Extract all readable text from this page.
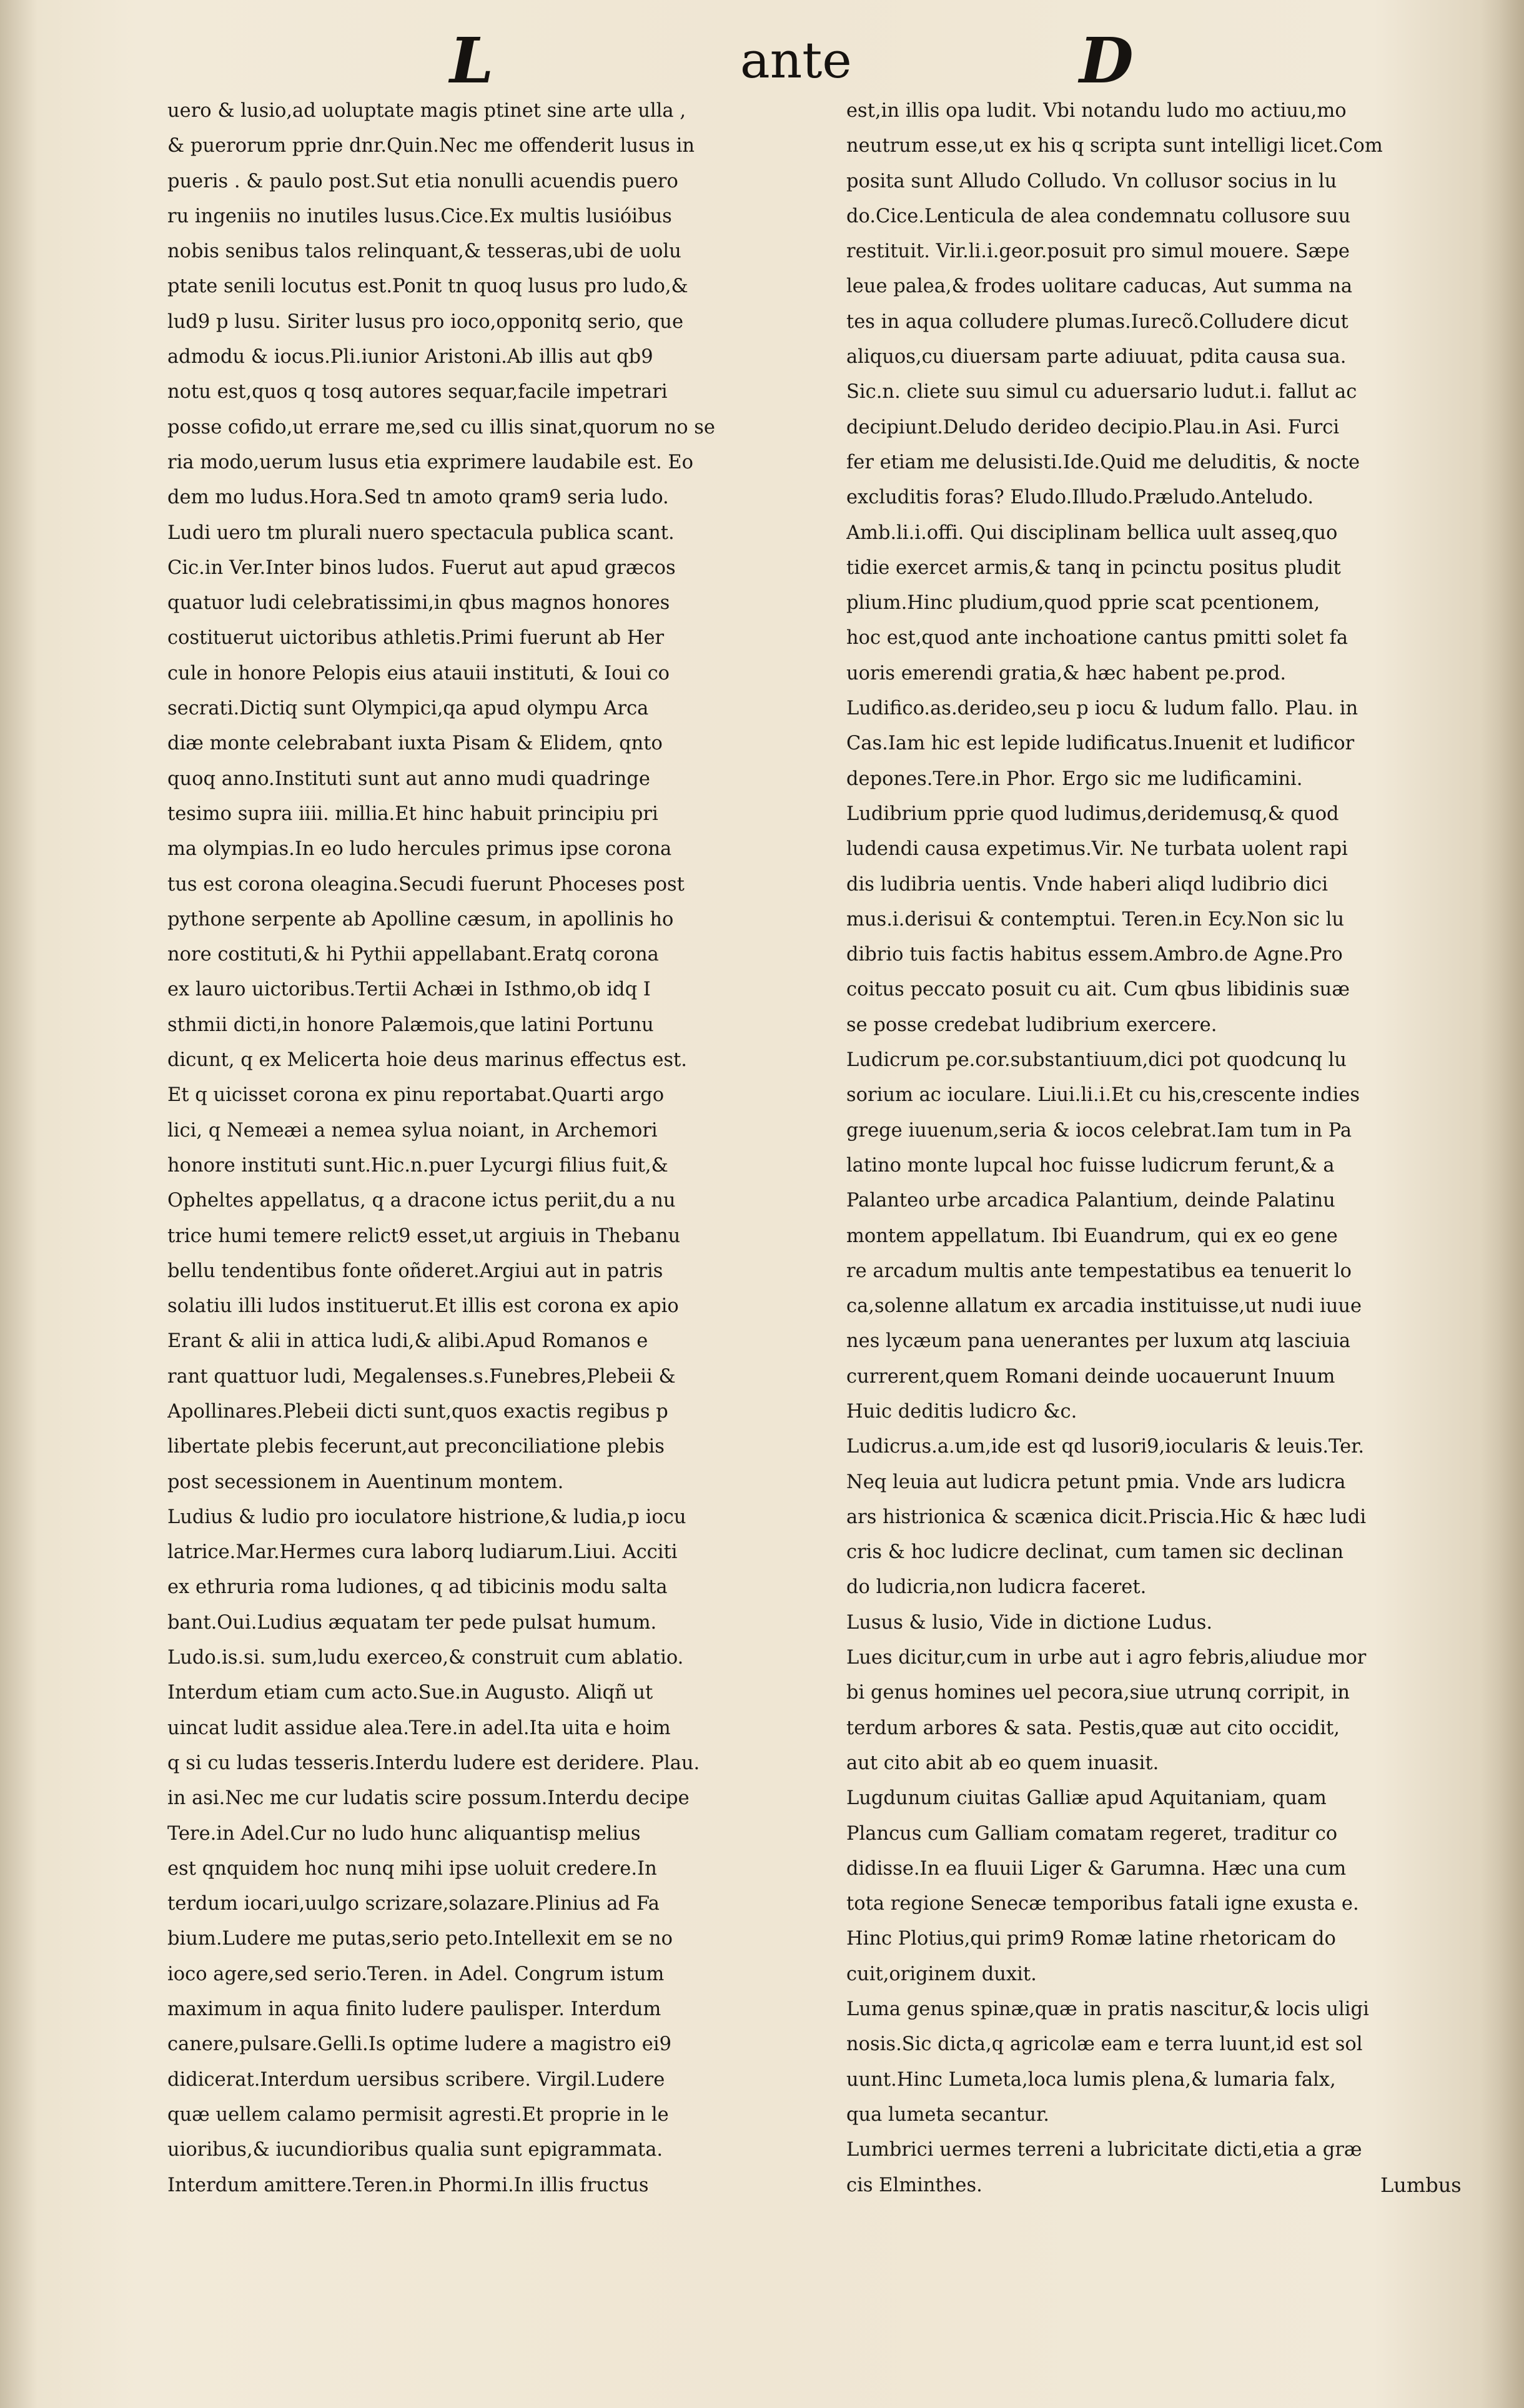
L	ante	D
uero & lusio,ad uoluptate magis ptinet sine arte ulla ,
& puerorum pprie dnr.Quin.Nec me offenderit lusus in
pueris . & paulo post.Sut etia nonulli acuendis puero
ru ingeniis no inutiles lusus.Cice.Ex multis lusióibus
nobis senibus talos relinquant,& tesseras,ubi de uolu
ptate senili locutus est.Ponit tn quoq lusus pro ludo,&
lud9 p lusu. Siriter lusus pro ioco,opponitq serio, que
admodu & iocus.Pli.iunior Aristoni.Ab illis aut qb9
notu est,quos q tosq autores sequar,facile impetrari
posse cofido,ut errare me,sed cu illis sinat,quorum no se
ria modo,uerum lusus etia exprimere laudabile est. Eo
dem mo ludus.Hora.Sed tn amoto qram9 seria ludo.
Ludi uero tm plurali nuero spectacula publica scant.
Cic.in Ver.Inter binos ludos. Fuerut aut apud græcos
quatuor ludi celebratissimi,in qbus magnos honores
costituerut uictoribus athletis.Primi fuerunt ab Her
cule in honore Pelopis eius atauii instituti, & Ioui co
secrati.Dictiq sunt Olympici,qa apud olympu Arca
diæ monte celebrabant iuxta Pisam & Elidem, qnto
quoq anno.Instituti sunt aut anno mudi quadringe
tesimo supra iiii. millia.Et hinc habuit principiu pri
ma olympias.In eo ludo hercules primus ipse corona
tus est corona oleagina.Secudi fuerunt Phoceses post
pythone serpente ab Apolline cæsum, in apollinis ho
nore costituti,& hi Pythii appellabant.Eratq corona
ex lauro uictoribus.Tertii Achæi in Isthmo,ob idq I
sthmii dicti,in honore Palæmois,que latini Portunu
dicunt, q ex Melicerta hoie deus marinus effectus est.
Et q uicisset corona ex pinu reportabat.Quarti argo
lici, q Nemeæi a nemea sylua noiant, in Archemori
honore instituti sunt.Hic.n.puer Lycurgi filius fuit,&
Opheltes appellatus, q a dracone ictus periit,du a nu
trice humi temere relict9 esset,ut argiuis in Thebanu
bellu tendentibus fonte oñderet.Argiui aut in patris
solatiu illi ludos instituerut.Et illis est corona ex apio
Erant & alii in attica ludi,& alibi.Apud Romanos e
rant quattuor ludi, Megalenses.s.Funebres,Plebeii &
Apollinares.Plebeii dicti sunt,quos exactis regibus p
libertate plebis fecerunt,aut preconciliatione plebis
post secessionem in Auentinum montem.
Ludius & ludio pro ioculatore histrione,& ludia,p iocu
latrice.Mar.Hermes cura laborq ludiarum.Liui. Acciti
ex ethruria roma ludiones, q ad tibicinis modu salta
bant.Oui.Ludius æquatam ter pede pulsat humum.
Ludo.is.si. sum,ludu exerceo,& construit cum ablatio.
Interdum etiam cum acto.Sue.in Augusto. Aliqñ ut
uincat ludit assidue alea.Tere.in adel.Ita uita e hoim
q si cu ludas tesseris.Interdu ludere est deridere. Plau.
in asi.Nec me cur ludatis scire possum.Interdu decipe
Tere.in Adel.Cur no ludo hunc aliquantisp melius
est qnquidem hoc nunq mihi ipse uoluit credere.In
terdum iocari,uulgo scrizare,solazare.Plinius ad Fa
bium.Ludere me putas,serio peto.Intellexit em se no
ioco agere,sed serio.Teren. in Adel. Congrum istum
maximum in aqua finito ludere paulisper. Interdum
canere,pulsare.Gelli.Is optime ludere a magistro ei9
didicerat.Interdum uersibus scribere. Virgil.Ludere
quæ uellem calamo permisit agresti.Et proprie in le
uioribus,& iucundioribus qualia sunt epigrammata.
Interdum amittere.Teren.in Phormi.In illis fructus
est,in illis opa ludit. Vbi notandu ludo mo actiuu,mo
neutrum esse,ut ex his q scripta sunt intelligi licet.Com
posita sunt Alludo Colludo. Vn collusor socius in lu
do.Cice.Lenticula de alea condemnatu collusore suu
restituit. Vir.li.i.geor.posuit pro simul mouere. Sæpe
leue palea,& frodes uolitare caducas, Aut summa na
tes in aqua colludere plumas.Iurecõ.Colludere dicut
aliquos,cu diuersam parte adiuuat, pdita causa sua.
Sic.n. cliete suu simul cu aduersario ludut.i. fallut ac
decipiunt.Deludo derideo decipio.Plau.in Asi. Furci
fer etiam me delusisti.Ide.Quid me deluditis, & nocte
excluditis foras? Eludo.Illudo.Præludo.Anteludo.
Amb.li.i.offi. Qui disciplinam bellica uult asseq,quo
tidie exercet armis,& tanq in pcinctu positus pludit
plium.Hinc pludium,quod pprie scat pcentionem,
hoc est,quod ante inchoatione cantus pmitti solet fa
uoris emerendi gratia,& hæc habent pe.prod.
Ludifico.as.derideo,seu p iocu & ludum fallo. Plau. in
Cas.Iam hic est lepide ludificatus.Inuenit et ludificor
depones.Tere.in Phor. Ergo sic me ludificamini.
Ludibrium pprie quod ludimus,deridemusq,& quod
ludendi causa expetimus.Vir. Ne turbata uolent rapi
dis ludibria uentis. Vnde haberi aliqd ludibrio dici
mus.i.derisui & contemptui. Teren.in Ecy.Non sic lu
dibrio tuis factis habitus essem.Ambro.de Agne.Pro
coitus peccato posuit cu ait. Cum qbus libidinis suæ
se posse credebat ludibrium exercere.
Ludicrum pe.cor.substantiuum,dici pot quodcunq lu
sorium ac ioculare. Liui.li.i.Et cu his,crescente indies
grege iuuenum,seria & iocos celebrat.Iam tum in Pa
latino monte lupcal hoc fuisse ludicrum ferunt,& a
Palanteo urbe arcadica Palantium, deinde Palatinu
montem appellatum. Ibi Euandrum, qui ex eo gene
re arcadum multis ante tempestatibus ea tenuerit lo
ca,solenne allatum ex arcadia instituisse,ut nudi iuue
nes lycæum pana uenerantes per luxum atq lasciuia
currerent,quem Romani deinde uocauerunt Inuum
Huic deditis ludicro &c.
Ludicrus.a.um,ide est qd lusori9,iocularis & leuis.Ter.
Neq leuia aut ludicra petunt pmia. Vnde ars ludicra
ars histrionica & scænica dicit.Priscia.Hic & hæc ludi
cris & hoc ludicre declinat, cum tamen sic declinan
do ludicria,non ludicra faceret.
Lusus & lusio, Vide in dictione Ludus.
Lues dicitur,cum in urbe aut i agro febris,aliudue mor
bi genus homines uel pecora,siue utrunq corripit, in
terdum arbores & sata. Pestis,quæ aut cito occidit,
aut cito abit ab eo quem inuasit.
Lugdunum ciuitas Galliæ apud Aquitaniam, quam
Plancus cum Galliam comatam regeret, traditur co
didisse.In ea fluuii Liger & Garumna. Hæc una cum
tota regione Senecæ temporibus fatali igne exusta e.
Hinc Plotius,qui prim9 Romæ latine rhetoricam do
cuit,originem duxit.
Luma genus spinæ,quæ in pratis nascitur,& locis uligi
nosis.Sic dicta,q agricolæ eam e terra luunt,id est sol
uunt.Hinc Lumeta,loca lumis plena,& lumaria falx,
qua lumeta secantur.
Lumbrici uermes terreni a lubricitate dicti,etia a græ
cis Elminthes.	Lumbus
